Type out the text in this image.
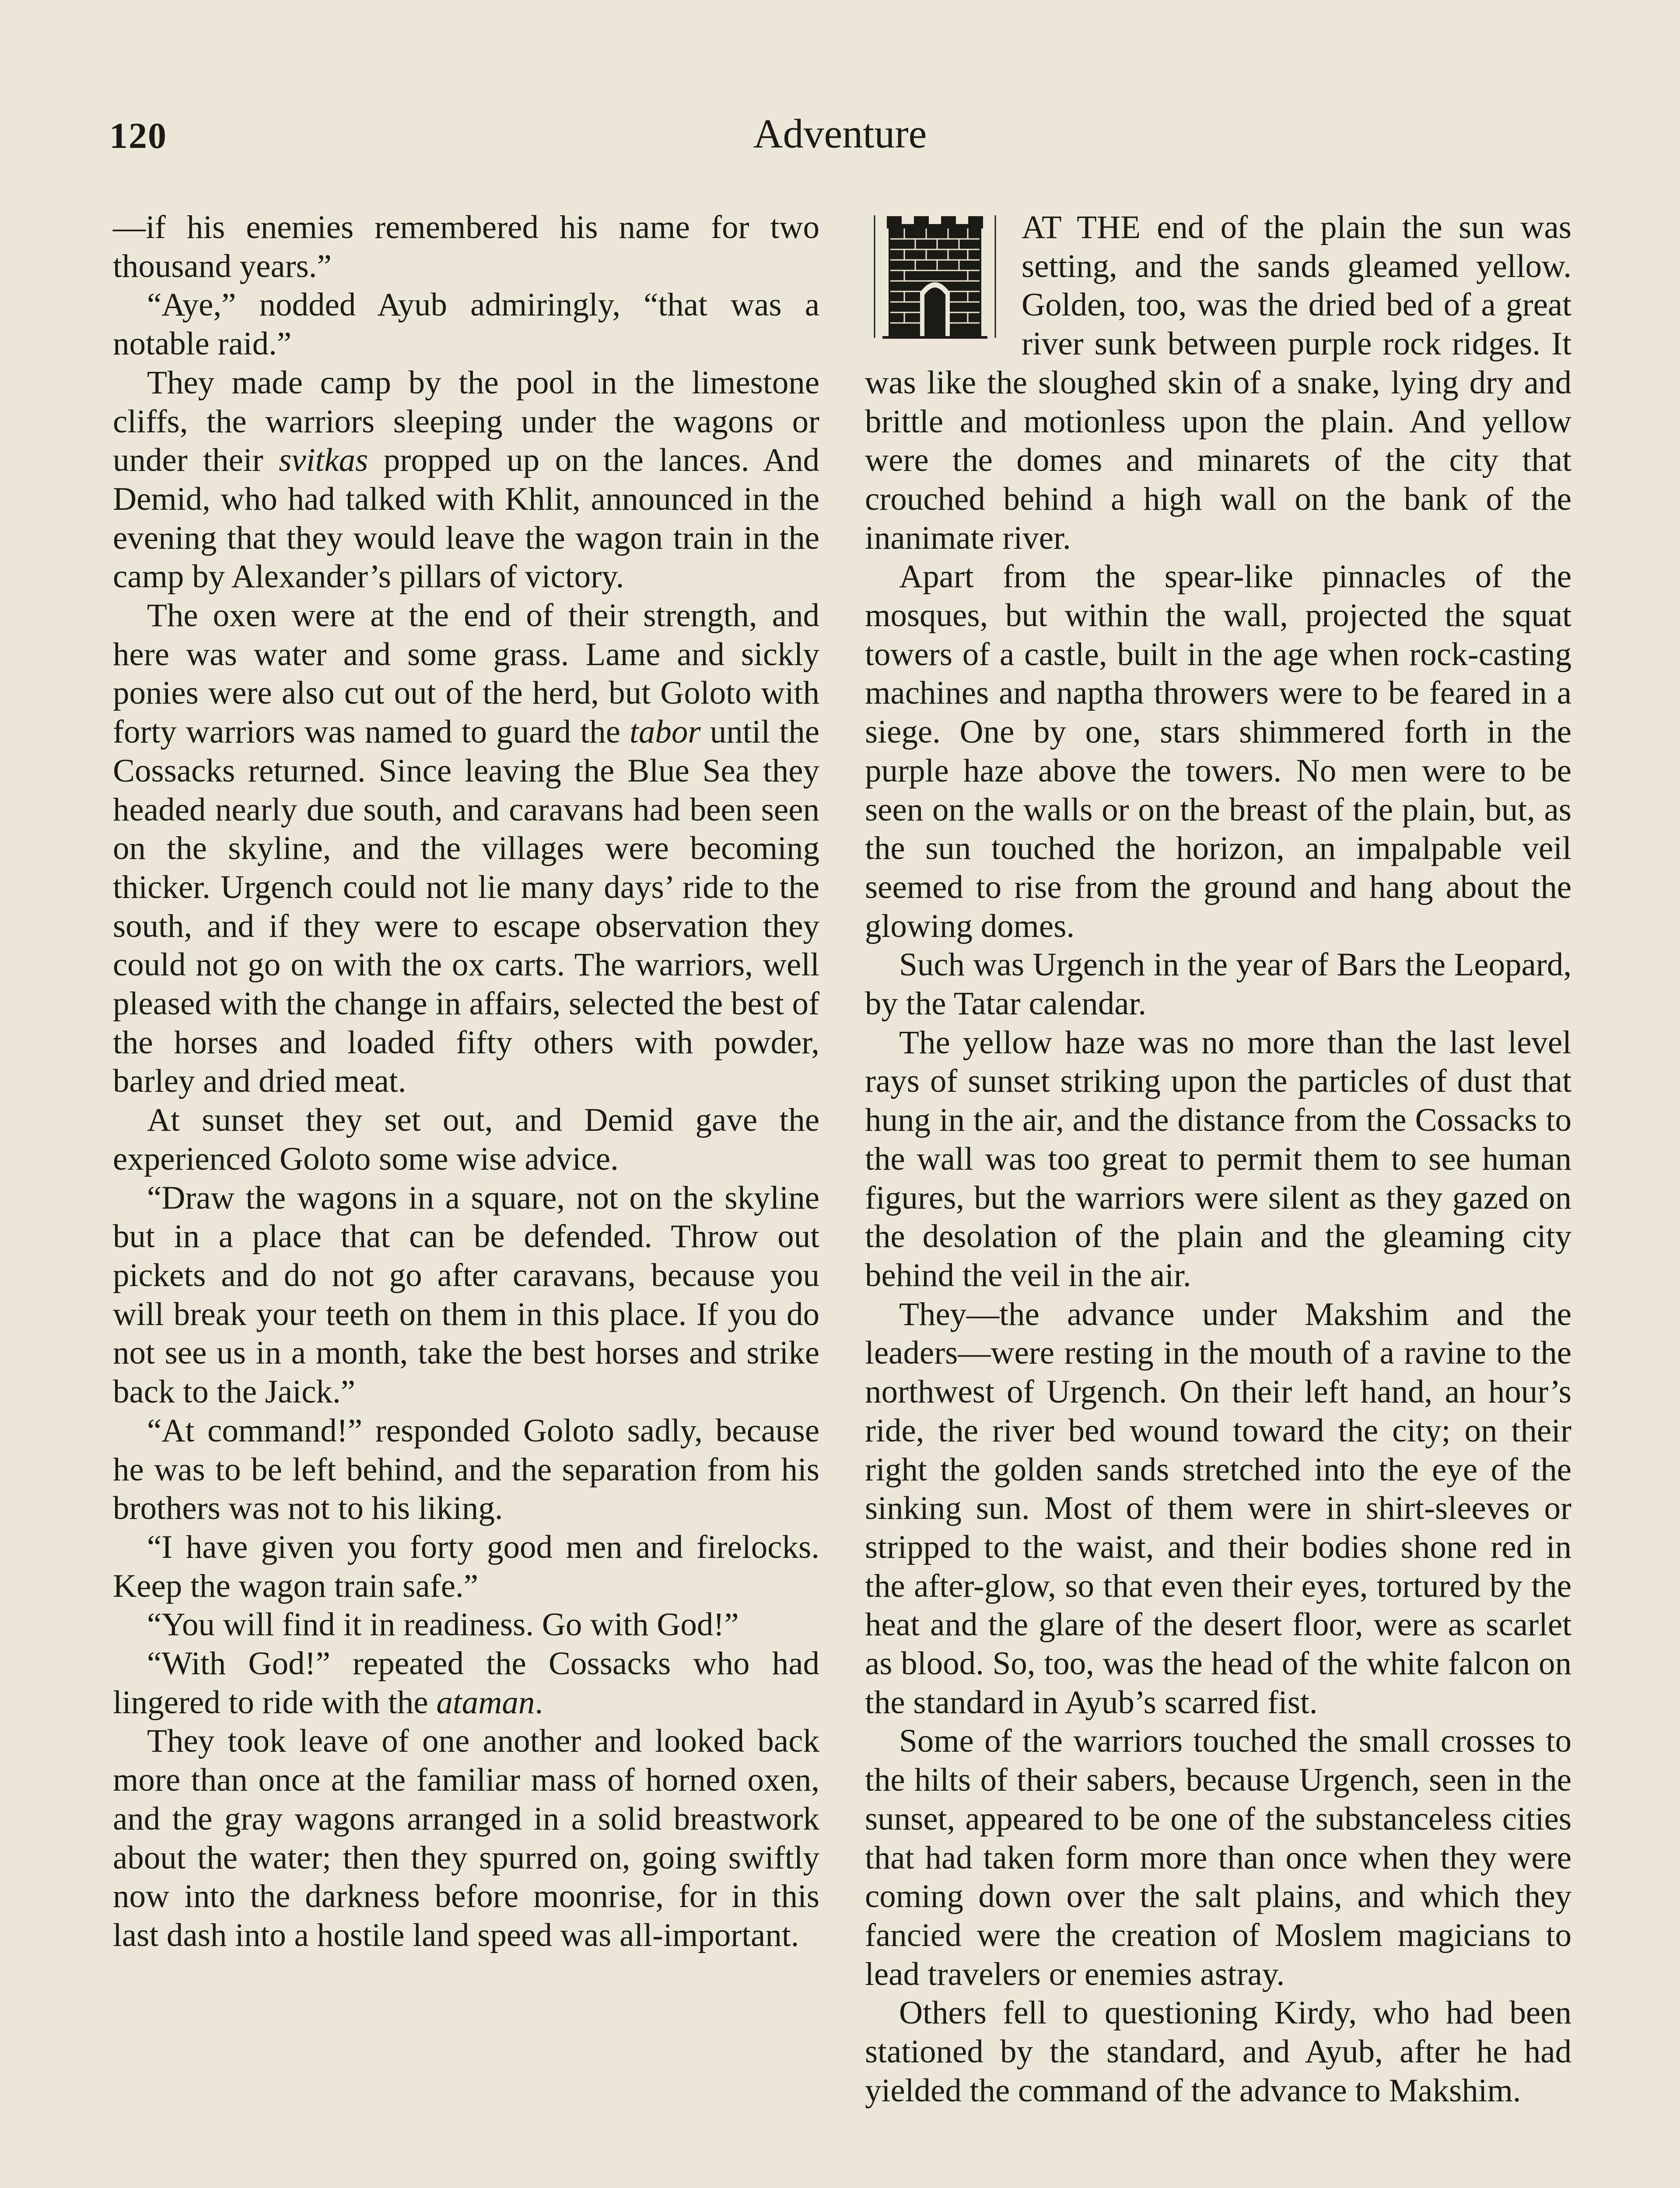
120	Adventure

—if his enemies remembered his name for two thousand years.”

“Aye,” nodded Ayub admiringly, “that was a notable raid.”

They made camp by the pool in the limestone cliffs, the warriors sleeping under the wagons or under their svitkas propped up on the lances. And Demid, who had talked with Khlit, announced in the evening that they would leave the wagon train in the camp by Alexander’s pillars of victory.

The oxen were at the end of their strength, and here was water and some grass. Lame and sickly ponies were also cut out of the herd, but Goloto with forty warriors was named to guard the tabor until the Cossacks returned. Since leaving the Blue Sea they headed nearly due south, and caravans had been seen on the skyline, and the villages were becoming thicker. Urgench could not lie many days’ ride to the south, and if they were to escape observation they could not go on with the ox carts. The warriors, well pleased with the change in affairs, selected the best of the horses and loaded fifty others with powder, barley and dried meat.

At sunset they set out, and Demid gave the experienced Goloto some wise advice.

“Draw the wagons in a square, not on the skyline but in a place that can be defended. Throw out pickets and do not go after caravans, because you will break your teeth on them in this place. If you do not see us in a month, take the best horses and strike back to the Jaick.”

“At command!” responded Goloto sadly, because he was to be left behind, and the separation from his brothers was not to his liking.

“I have given you forty good men and firelocks. Keep the wagon train safe.”

“You will find it in readiness. Go with God!”

“With God!” repeated the Cossacks who had lingered to ride with the ataman.

They took leave of one another and looked back more than once at the familiar mass of horned oxen, and the gray wagons arranged in a solid breastwork about the water; then they spurred on, going swiftly now into the darkness before moonrise, for in this last dash into a hostile land speed was all-important.

AT THE end of the plain the sun was setting, and the sands gleamed yellow. Golden, too, was the dried bed of a great river sunk between purple rock ridges. It was like the sloughed skin of a snake, lying dry and brittle and motionless upon the plain. And yellow were the domes and minarets of the city that crouched behind a high wall on the bank of the inanimate river.

Apart from the spear-like pinnacles of the mosques, but within the wall, projected the squat towers of a castle, built in the age when rock-casting machines and naptha throwers were to be feared in a siege. One by one, stars shimmered forth in the purple haze above the towers. No men were to be seen on the walls or on the breast of the plain, but, as the sun touched the horizon, an impalpable veil seemed to rise from the ground and hang about the glowing domes.

Such was Urgench in the year of Bars the Leopard, by the Tatar calendar.

The yellow haze was no more than the last level rays of sunset striking upon the particles of dust that hung in the air, and the distance from the Cossacks to the wall was too great to permit them to see human figures, but the warriors were silent as they gazed on the desolation of the plain and the gleaming city behind the veil in the air.

They—the advance under Makshim and the leaders—were resting in the mouth of a ravine to the northwest of Urgench. On their left hand, an hour’s ride, the river bed wound toward the city; on their right the golden sands stretched into the eye of the sinking sun. Most of them were in shirt-sleeves or stripped to the waist, and their bodies shone red in the after-glow, so that even their eyes, tortured by the heat and the glare of the desert floor, were as scarlet as blood. So, too, was the head of the white falcon on the standard in Ayub’s scarred fist.

Some of the warriors touched the small crosses to the hilts of their sabers, because Urgench, seen in the sunset, appeared to be one of the substanceless cities that had taken form more than once when they were coming down over the salt plains, and which they fancied were the creation of Moslem magicians to lead travelers or enemies astray.

Others fell to questioning Kirdy, who had been stationed by the standard, and Ayub, after he had yielded the command of the advance to Makshim.
